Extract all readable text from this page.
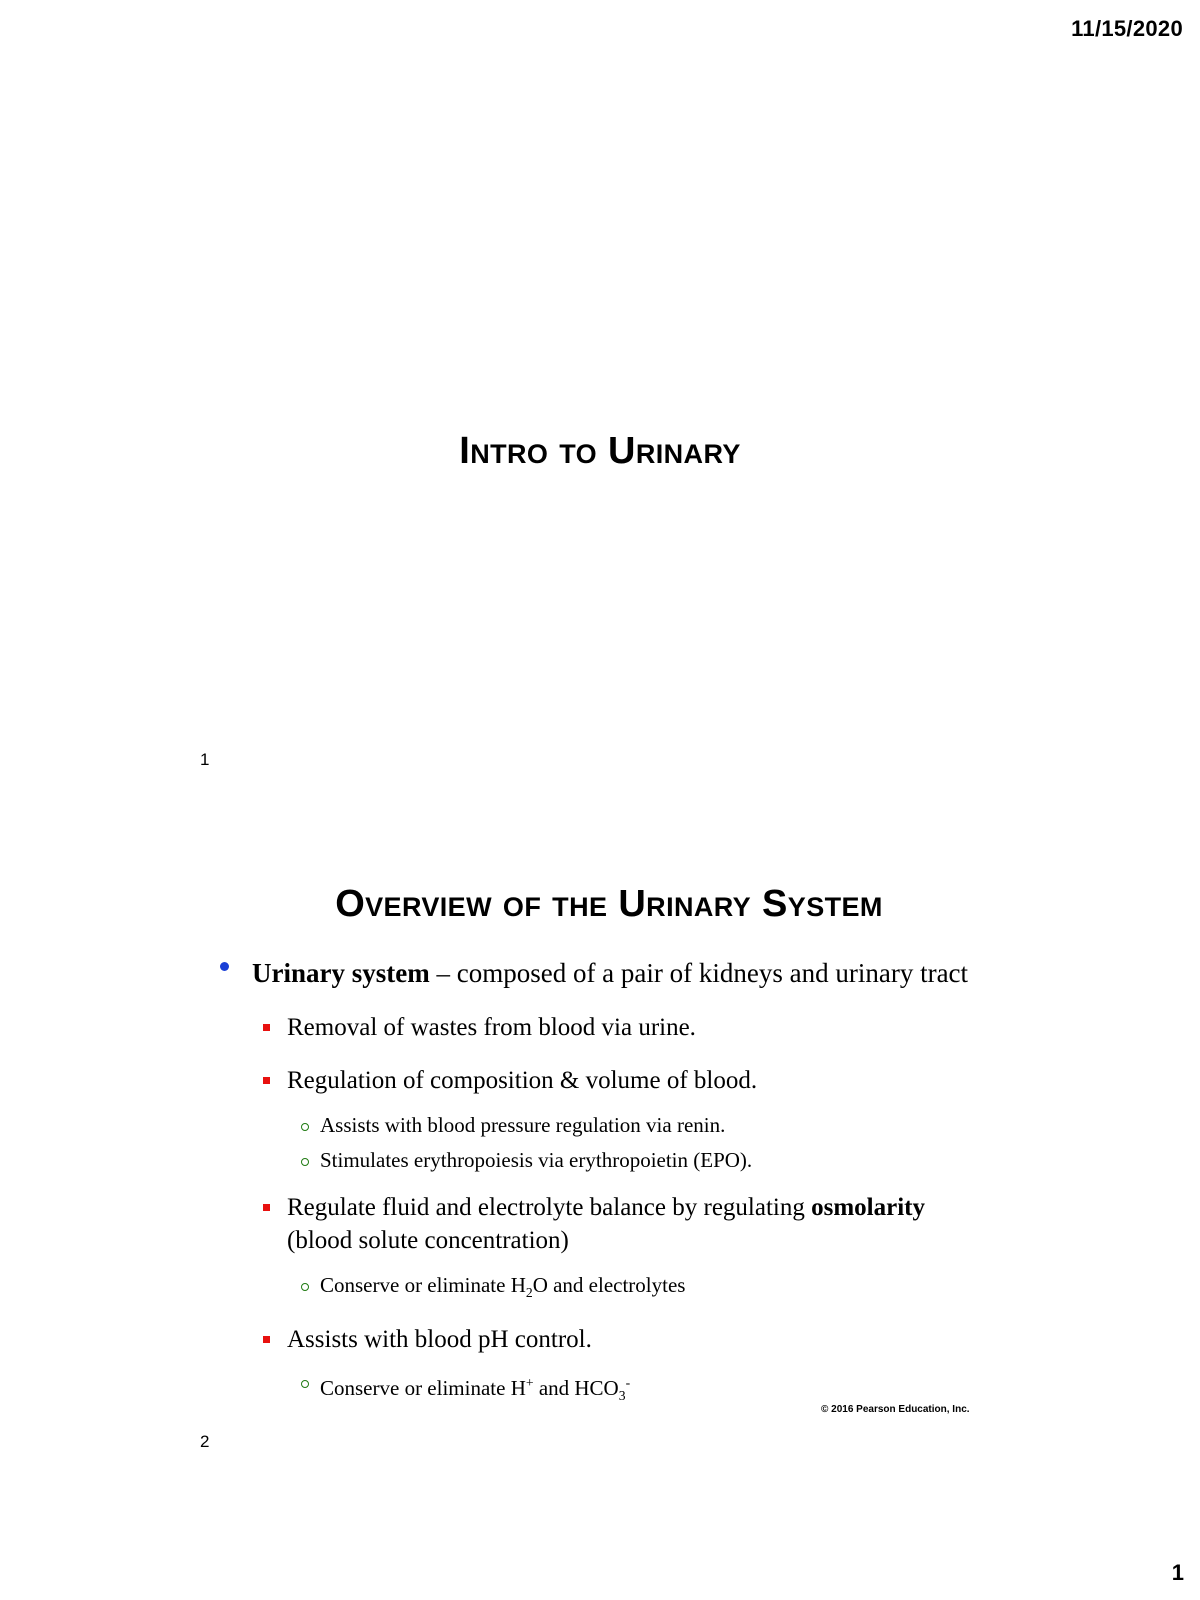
11/15/2020
Intro to Urinary
1
Overview of the Urinary System
Urinary system – composed of a pair of kidneys and urinary tract
Removal of wastes from blood via urine.
Regulation of composition & volume of blood.
Assists with blood pressure regulation via renin.
Stimulates erythropoiesis via erythropoietin (EPO).
Regulate fluid and electrolyte balance by regulating osmolarity (blood solute concentration)
Conserve or eliminate $H_2O$ and electrolytes
Assists with blood pH control.
Conserve or eliminate H+ and $HCO_3^-$
© 2016 Pearson Education, Inc.
2
1
